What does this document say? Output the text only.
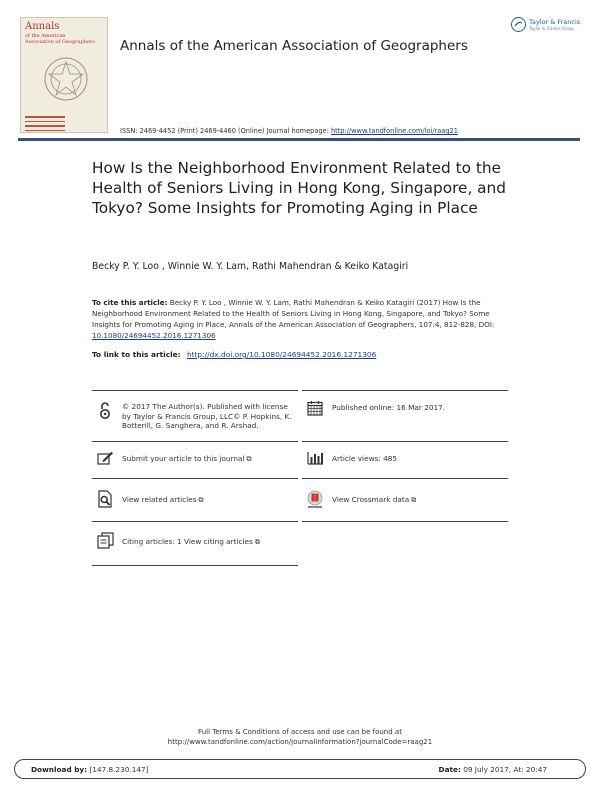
Annals
of the American
Association of Geographers	Annals of the American Association of Geographers
Taylor & Francis
Taylor & Francis Group
ISSN: 2469-4452 (Print) 2469-4460 (Online) Journal homepage: http://www.tandfonline.com/loi/raag21
How Is the Neighborhood Environment Related to the Health of Seniors Living in Hong Kong, Singapore, and Tokyo? Some Insights for Promoting Aging in Place
Becky P. Y. Loo , Winnie W. Y. Lam, Rathi Mahendran & Keiko Katagiri
To cite this article: Becky P. Y. Loo , Winnie W. Y. Lam, Rathi Mahendran & Keiko Katagiri (2017) How Is the Neighborhood Environment Related to the Health of Seniors Living in Hong Kong, Singapore, and Tokyo? Some Insights for Promoting Aging in Place, Annals of the American Association of Geographers, 107:4, 812-828, DOI: 10.1080/24694452.2016.1271306
To link to this article: http://dx.doi.org/10.1080/24694452.2016.1271306
© 2017 The Author(s). Published with license by Taylor & Francis Group, LLC© P. Hopkins, K. Botterill, G. Sanghera, and R. Arshad.
Published online: 16 Mar 2017.
Submit your article to this journal ⧉	Article views: 485
View related articles ⧉	View Crossmark data ⧉
Citing articles: 1 View citing articles ⧉
Full Terms & Conditions of access and use can be found at
http://www.tandfonline.com/action/journalInformation?journalCode=raag21
Download by: [147.8.230.147]	Date: 09 July 2017, At: 20:47
